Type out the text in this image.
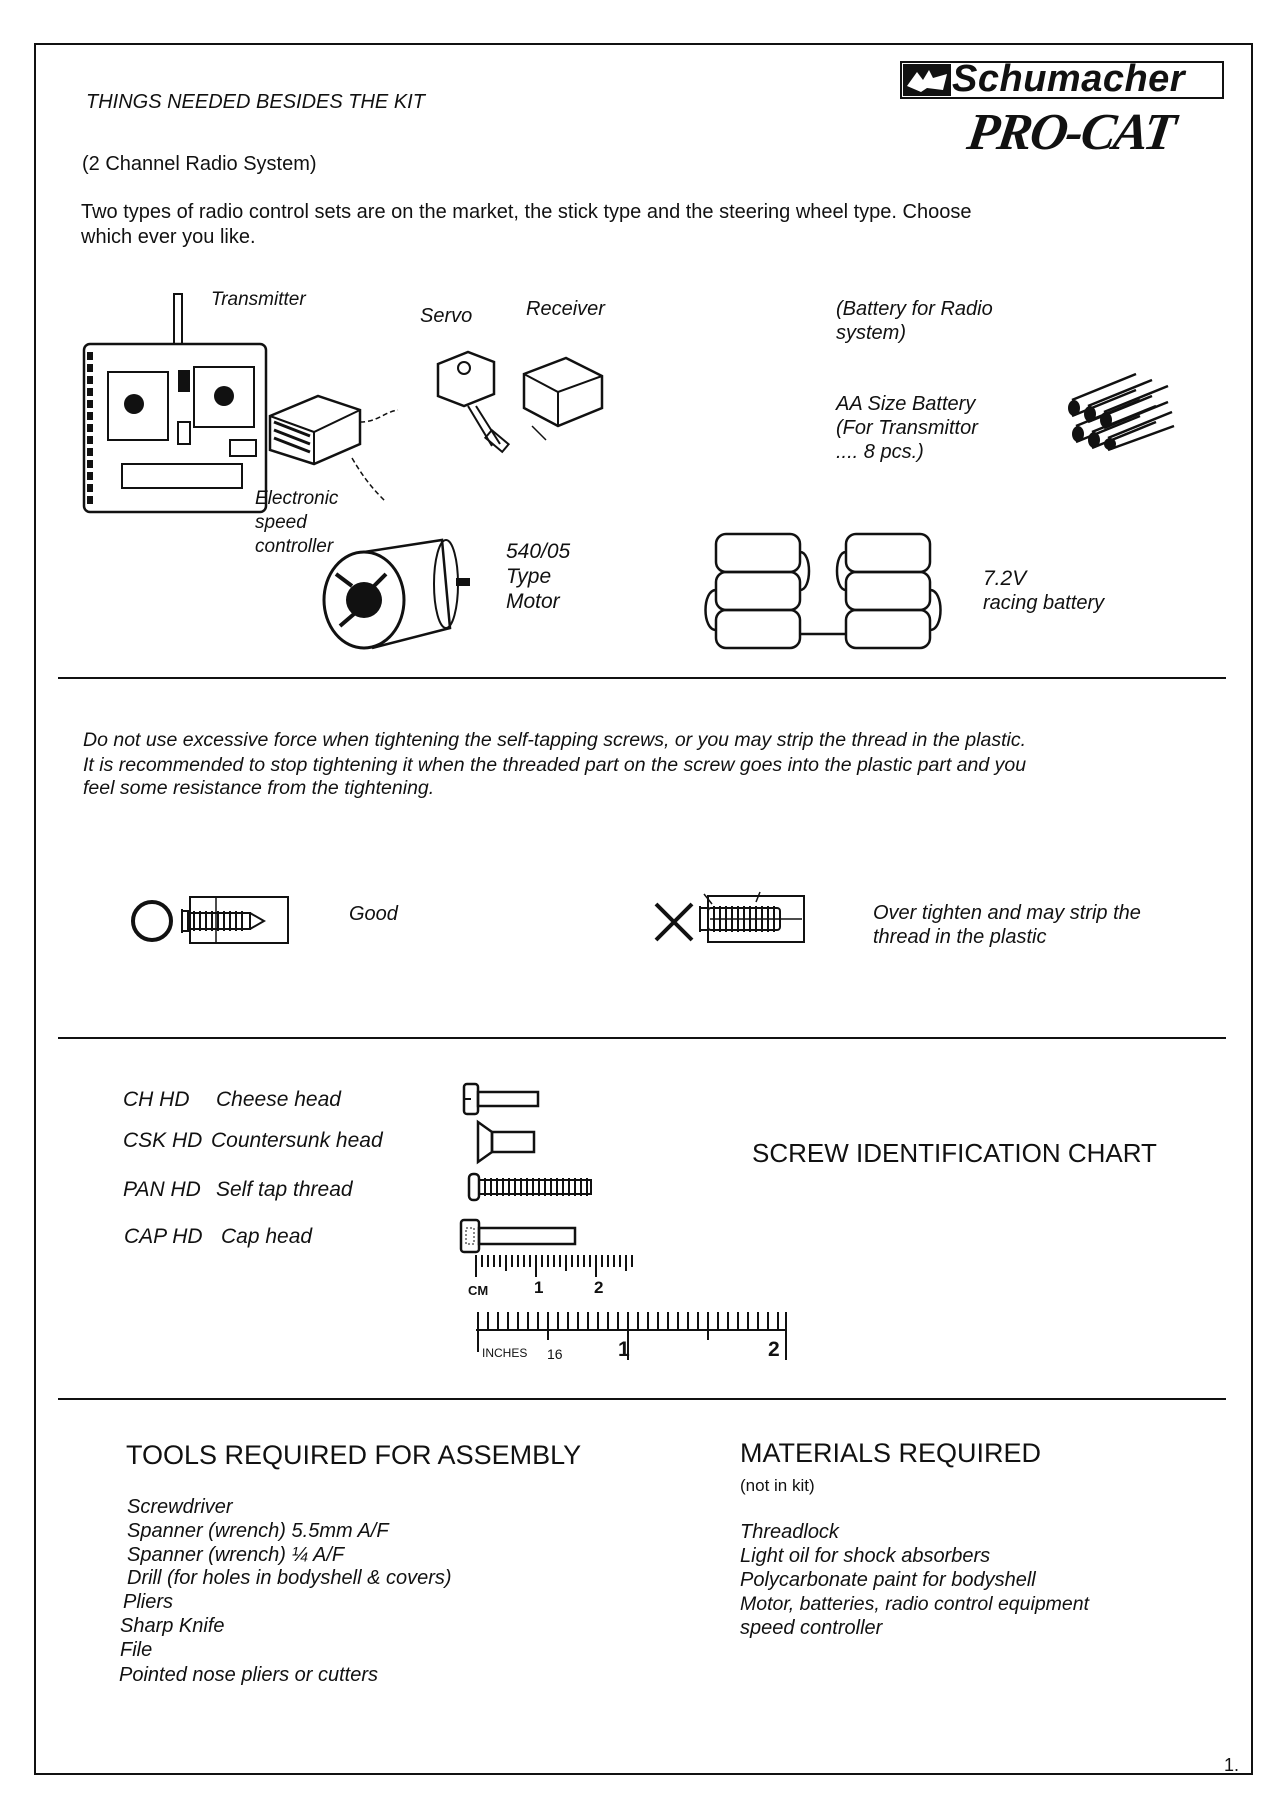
Schumacher
PRO-CAT
THINGS NEEDED BESIDES THE KIT
(2 Channel Radio System)
Two types of radio control sets are on the market, the stick type and the steering wheel type. Choose
which ever you like.
Transmitter
Electronic
speed
controller
Servo	Receiver
540/05
Type
Motor
(Battery for Radio
system)
AA Size Battery
(For Transmittor
.... 8 pcs.)
7.2V
racing battery
Do not use excessive force when tightening the self-tapping screws, or you may strip the thread in the plastic.
It is recommended to stop tightening it when the threaded part on the screw goes into the plastic part and you
feel some resistance from the tightening.
Good	Over tighten and may strip the
thread in the plastic
CH HD Cheese head
CSK HD Countersunk head
PAN HD Self tap thread
CAP HD Cap head
CM	1	2
INCHES 16	1	2
SCREW IDENTIFICATION CHART
TOOLS REQUIRED FOR ASSEMBLY
Screwdriver
Spanner (wrench) 5.5mm A/F
Spanner (wrench) ¼ A/F
Drill (for holes in bodyshell & covers)
Pliers
Sharp Knife
File
Pointed nose pliers or cutters
MATERIALS REQUIRED
(not in kit)
Threadlock
Light oil for shock absorbers
Polycarbonate paint for bodyshell
Motor, batteries, radio control equipment
speed controller
1.
